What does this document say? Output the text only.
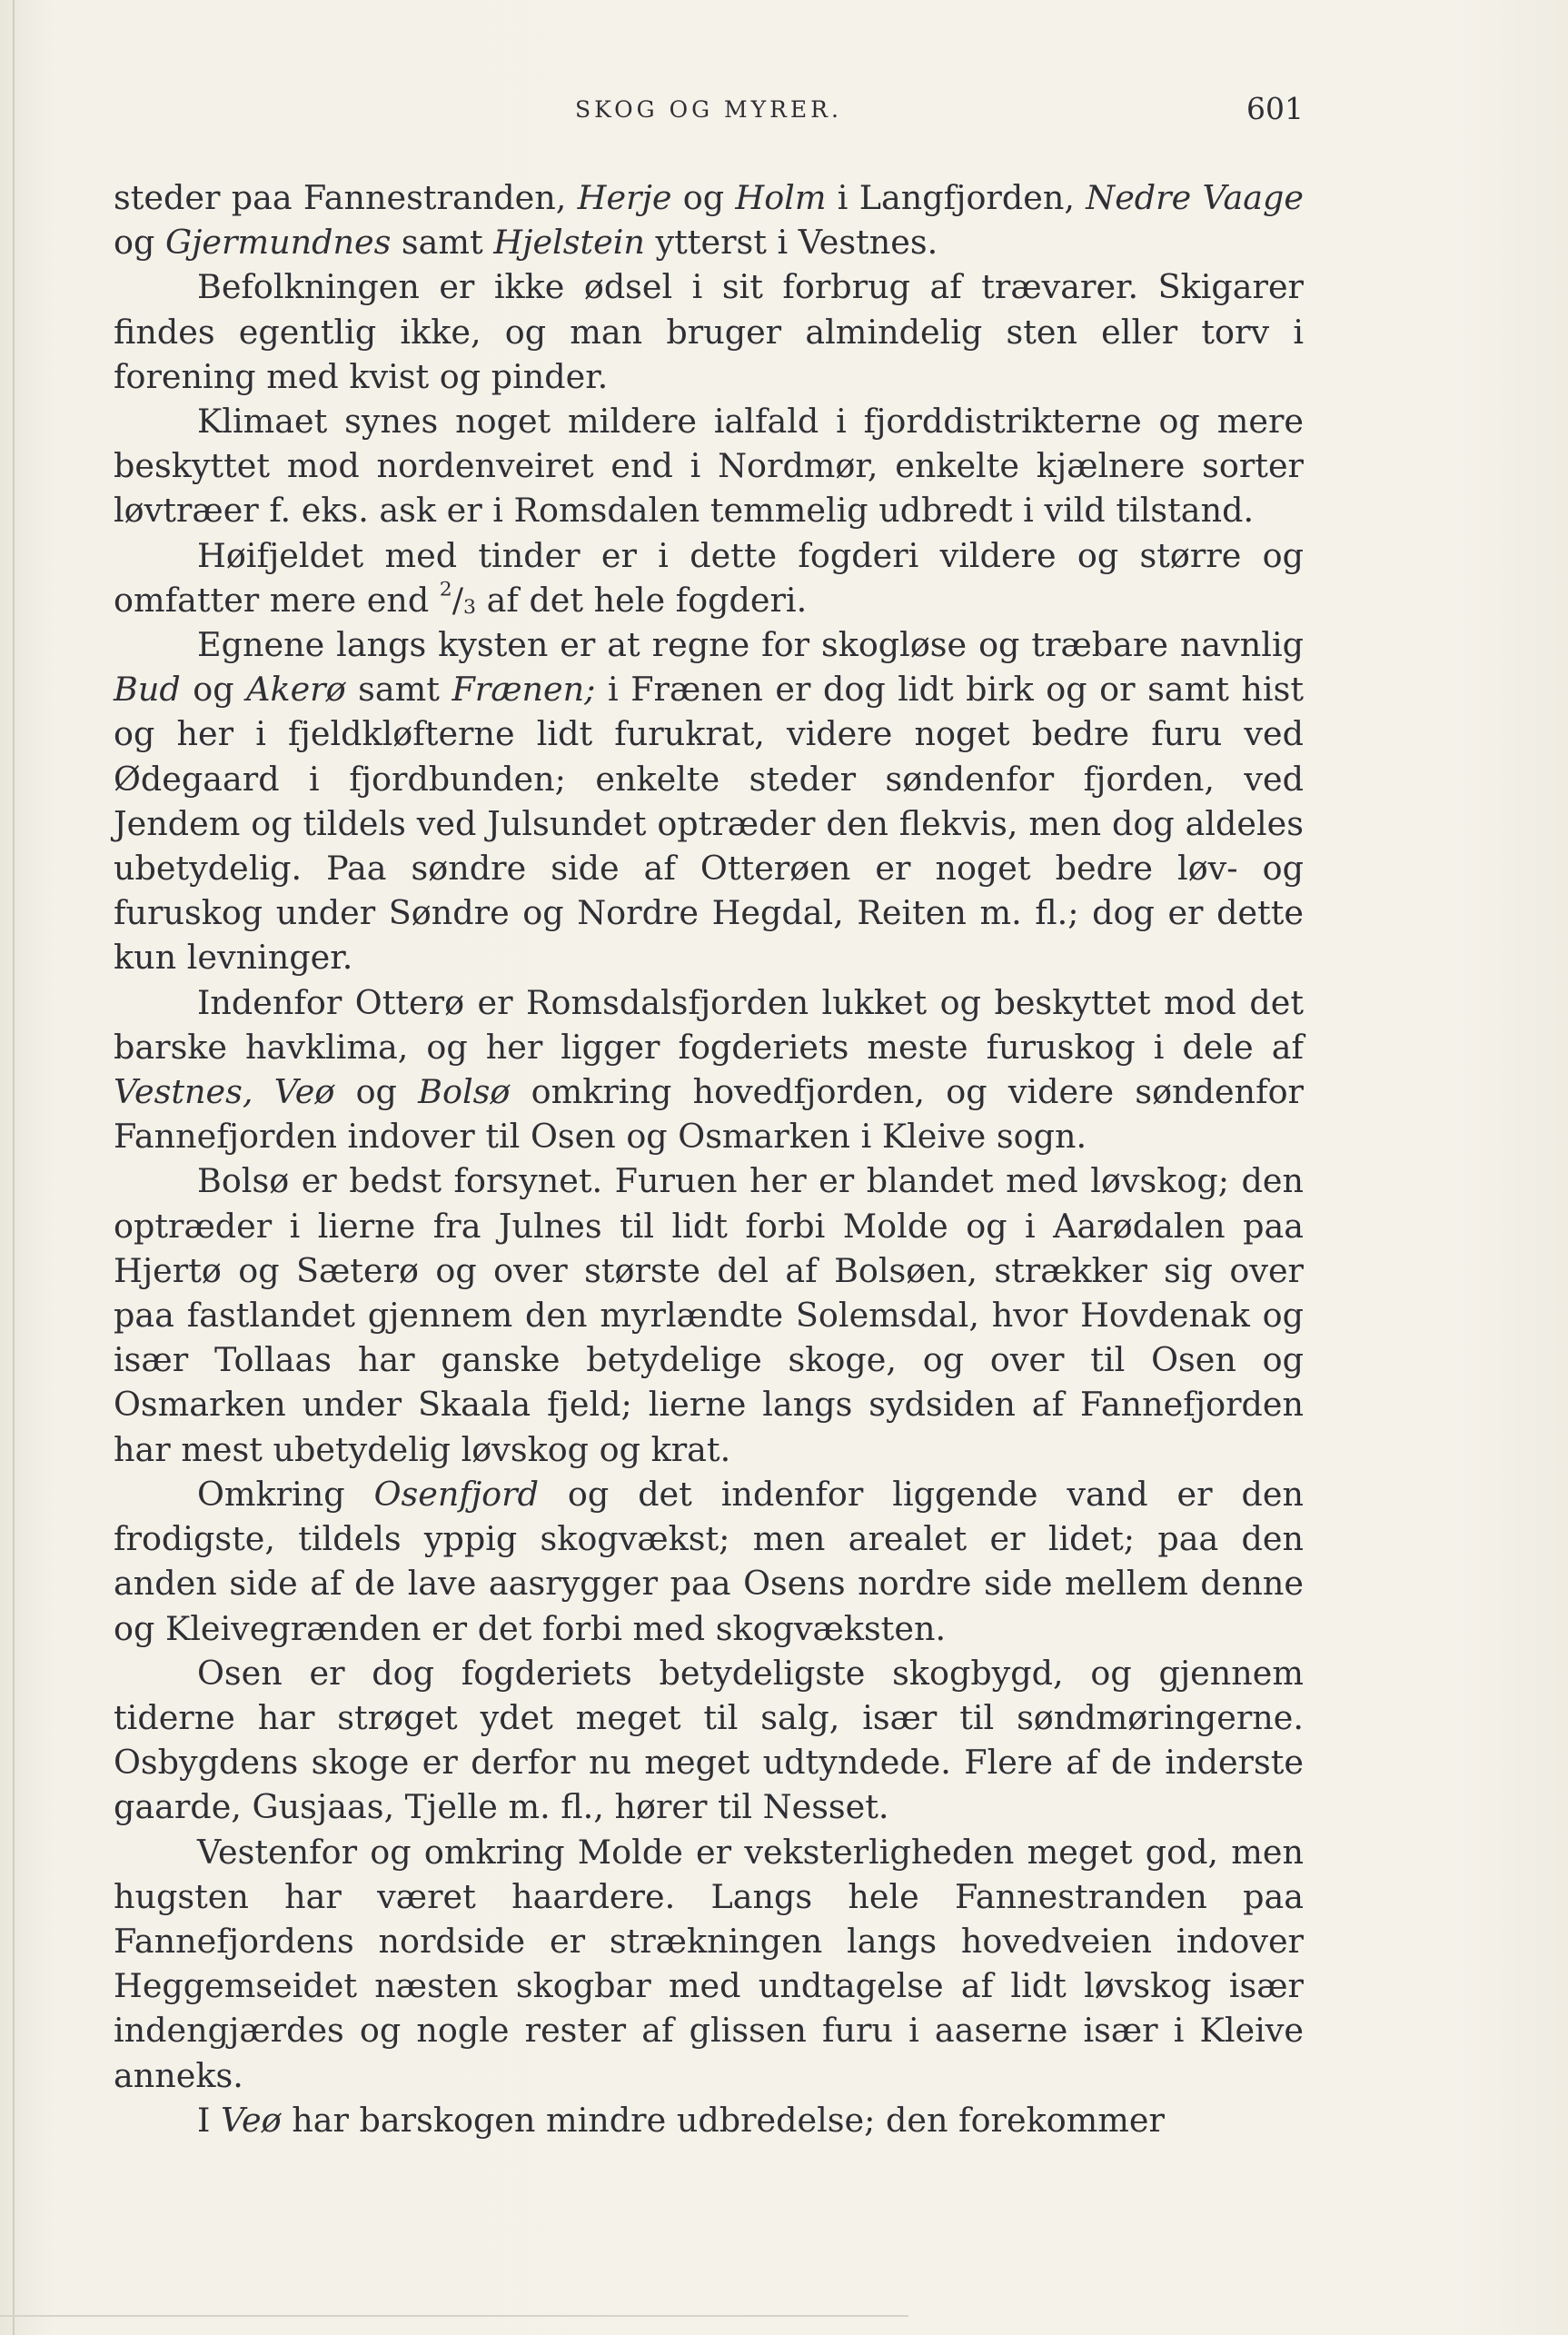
SKOG OG MYRER.	601

steder paa Fannestranden, Herje og Holm i Langfjorden, Nedre Vaage og Gjermundnes samt Hjelstein ytterst i Vestnes.

Befolkningen er ikke ødsel i sit forbrug af trævarer. Skigarer findes egentlig ikke, og man bruger almindelig sten eller torv i forening med kvist og pinder.

Klimaet synes noget mildere ialfald i fjorddistrikterne og mere beskyttet mod nordenveiret end i Nordmør, enkelte kjælnere sorter løvtræer f. eks. ask er i Romsdalen temmelig udbredt i vild tilstand.

Høifjeldet med tinder er i dette fogderi vildere og større og omfatter mere end $^2/_3$ af det hele fogderi.

Egnene langs kysten er at regne for skogløse og træbare navnlig Bud og Akerø samt Frænen; i Frænen er dog lidt birk og or samt hist og her i fjeldkløfterne lidt furukrat, videre noget bedre furu ved Ødegaard i fjordbunden; enkelte steder søndenfor fjorden, ved Jendem og tildels ved Julsundet optræder den flekvis, men dog aldeles ubetydelig. Paa søndre side af Otterøen er noget bedre løv- og furuskog under Søndre og Nordre Hegdal, Reiten m. fl.; dog er dette kun levninger.

Indenfor Otterø er Romsdalsfjorden lukket og beskyttet mod det barske havklima, og her ligger fogderiets meste furuskog i dele af Vestnes, Veø og Bolsø omkring hovedfjorden, og videre søndenfor Fannefjorden indover til Osen og Osmarken i Kleive sogn.

Bolsø er bedst forsynet. Furuen her er blandet med løvskog; den optræder i lierne fra Julnes til lidt forbi Molde og i Aarødalen paa Hjertø og Sæterø og over største del af Bolsøen, strækker sig over paa fastlandet gjennem den myrlændte Solemsdal, hvor Hovdenak og især Tollaas har ganske betydelige skoge, og over til Osen og Osmarken under Skaala fjeld; lierne langs sydsiden af Fannefjorden har mest ubetydelig løvskog og krat.

Omkring Osenfjord og det indenfor liggende vand er den frodigste, tildels yppig skogvækst; men arealet er lidet; paa den anden side af de lave aasrygger paa Osens nordre side mellem denne og Kleivegrænden er det forbi med skogvæksten.

Osen er dog fogderiets betydeligste skogbygd, og gjennem tiderne har strøget ydet meget til salg, især til søndmøringerne. Osbygdens skoge er derfor nu meget udtyndede. Flere af de inderste gaarde, Gusjaas, Tjelle m. fl., hører til Nesset.

Vestenfor og omkring Molde er veksterligheden meget god, men hugsten har været haardere. Langs hele Fannestranden paa Fannefjordens nordside er strækningen langs hovedveien indover Heggemseidet næsten skogbar med undtagelse af lidt løvskog især indengjærdes og nogle rester af glissen furu i aaserne især i Kleive anneks.

I Veø har barskogen mindre udbredelse; den forekommer
